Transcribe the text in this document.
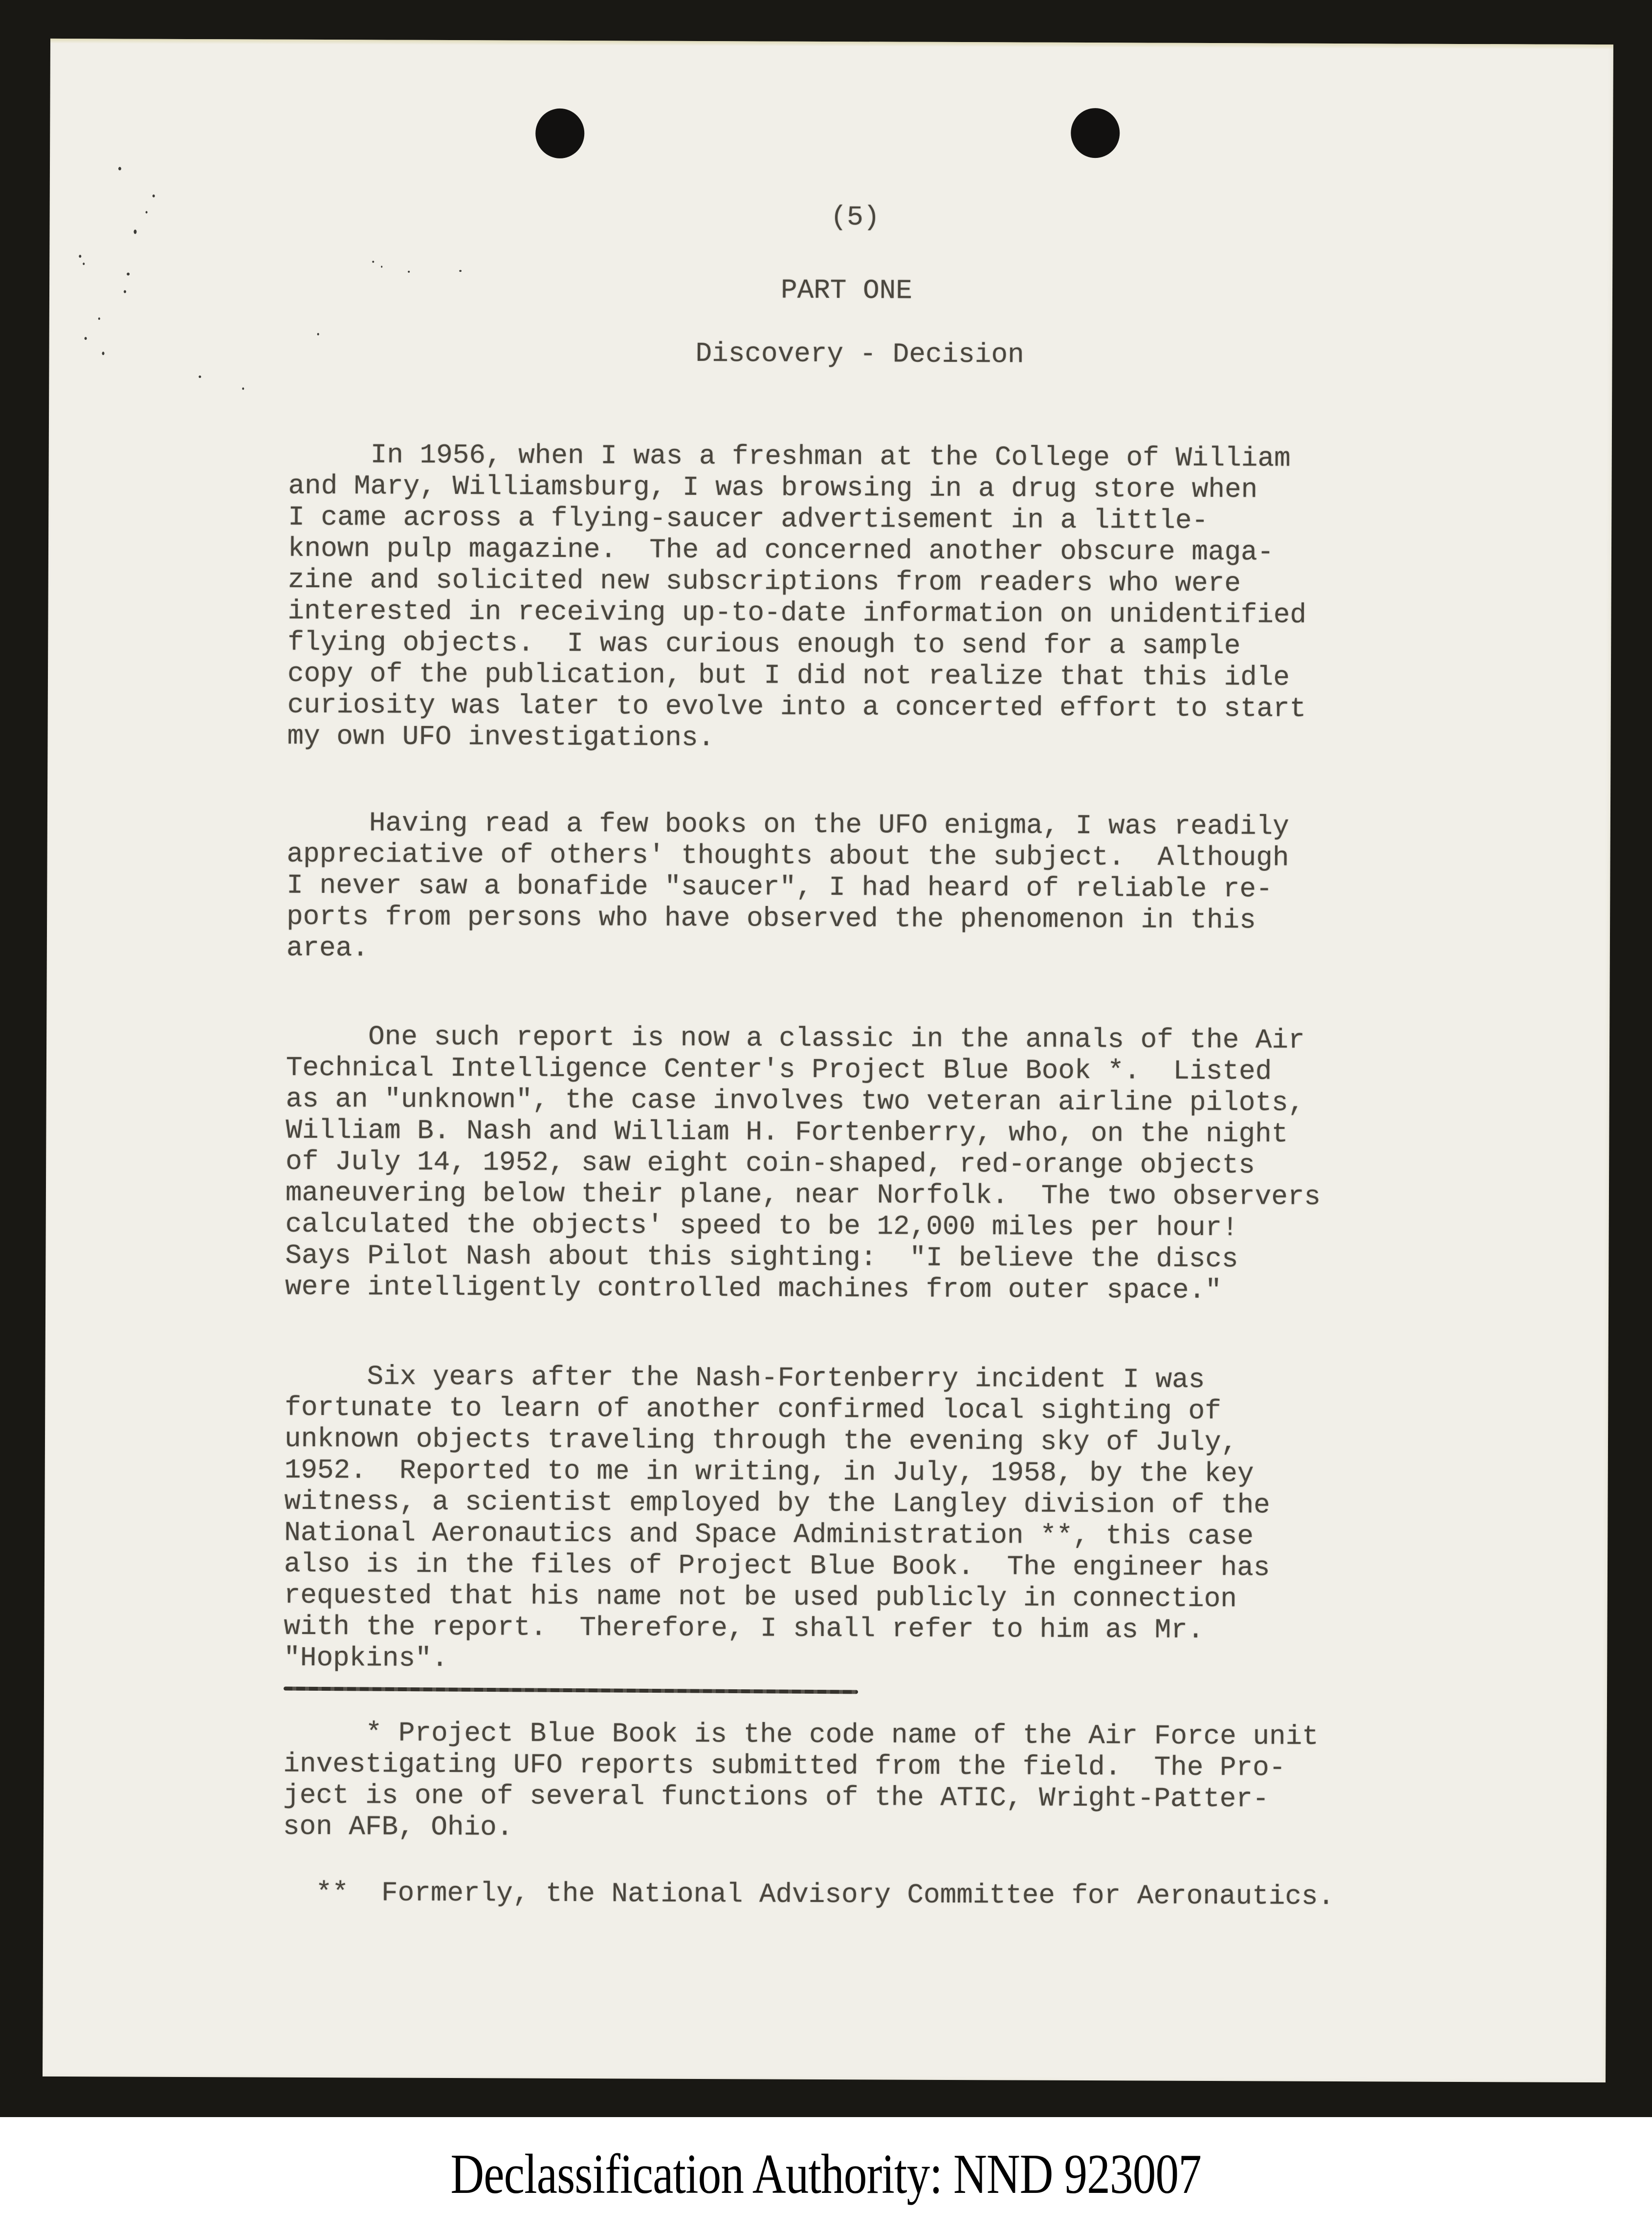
(5)
PART ONE
Discovery - Decision
In 1956, when I was a freshman at the College of William
and Mary, Williamsburg, I was browsing in a drug store when
I came across a flying-saucer advertisement in a little-
known pulp magazine.  The ad concerned another obscure maga-
zine and solicited new subscriptions from readers who were
interested in receiving up-to-date information on unidentified
flying objects.  I was curious enough to send for a sample
copy of the publication, but I did not realize that this idle
curiosity was later to evolve into a concerted effort to start
my own UFO investigations.
Having read a few books on the UFO enigma, I was readily
appreciative of others' thoughts about the subject.  Although
I never saw a bonafide "saucer", I had heard of reliable re-
ports from persons who have observed the phenomenon in this
area.
One such report is now a classic in the annals of the Air
Technical Intelligence Center's Project Blue Book *.  Listed
as an "unknown", the case involves two veteran airline pilots,
William B. Nash and William H. Fortenberry, who, on the night
of July 14, 1952, saw eight coin-shaped, red-orange objects
maneuvering below their plane, near Norfolk.  The two observers
calculated the objects' speed to be 12,000 miles per hour!
Says Pilot Nash about this sighting:  "I believe the discs
were intelligently controlled machines from outer space."
Six years after the Nash-Fortenberry incident I was
fortunate to learn of another confirmed local sighting of
unknown objects traveling through the evening sky of July,
1952.  Reported to me in writing, in July, 1958, by the key
witness, a scientist employed by the Langley division of the
National Aeronautics and Space Administration **, this case
also is in the files of Project Blue Book.  The engineer has
requested that his name not be used publicly in connection
with the report.  Therefore, I shall refer to him as Mr.
"Hopkins".
* Project Blue Book is the code name of the Air Force unit
investigating UFO reports submitted from the field.  The Pro-
ject is one of several functions of the ATIC, Wright-Patter-
son AFB, Ohio.
**  Formerly, the National Advisory Committee for Aeronautics.
Declassification Authority: NND 923007
